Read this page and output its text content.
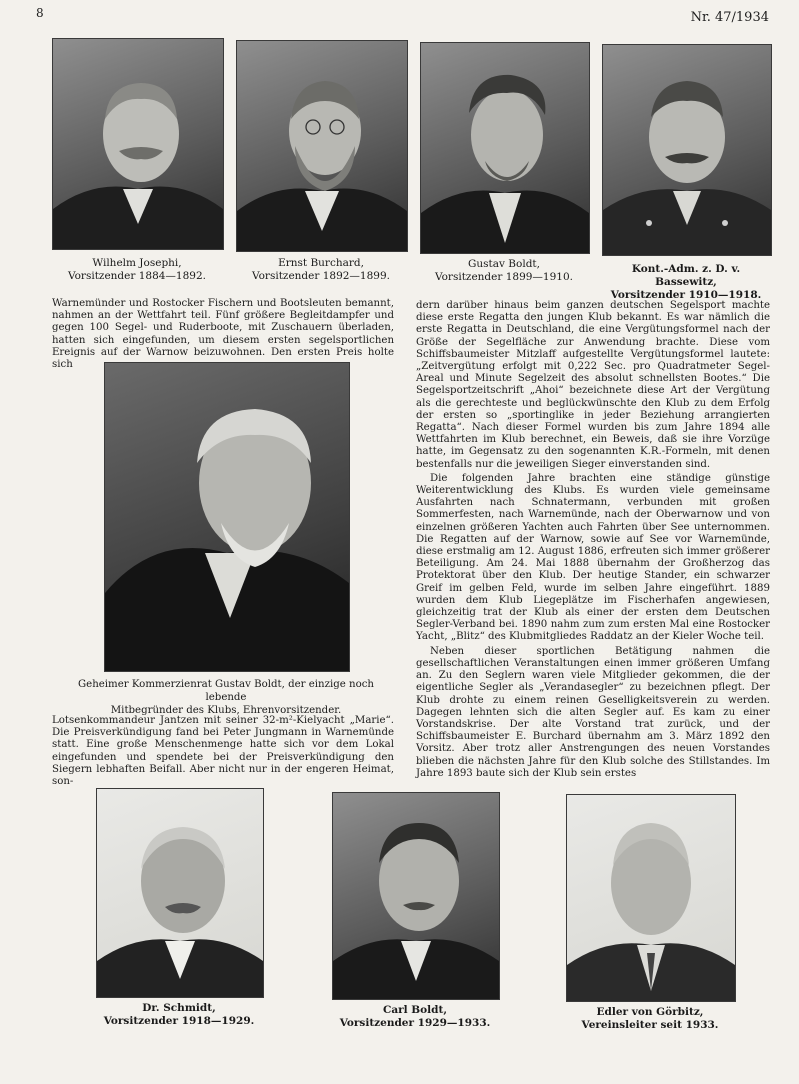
8	Nr. 47/1934
Wilhelm Josephi,
Vorsitzender 1884—1892.
Ernst Burchard,
Vorsitzender 1892—1899.
Gustav Boldt,
Vorsitzender 1899—1910.
Kont.-Adm. z. D. v. Bassewitz,
Vorsitzender 1910—1918.

Warnemünder und Rostocker Fischern und Bootsleuten bemannt, nahmen an der Wettfahrt teil. Fünf größere Begleitdampfer und gegen 100 Segel- und Ruderboote, mit Zuschauern überladen, hatten sich eingefunden, um diesem ersten segelsportlichen Ereignis auf der Warnow beizuwohnen. Den ersten Preis holte sich

Geheimer Kommerzienrat Gustav Boldt, der einzige noch lebende
Mitbegründer des Klubs, Ehrenvorsitzender.

Lotsenkommandeur Jantzen mit seiner 32-m²-Kielyacht „Marie“. Die Preisverkündigung fand bei Peter Jungmann in Warnemünde statt. Eine große Menschenmenge hatte sich vor dem Lokal eingefunden und spendete bei der Preisverkündigung den Siegern lebhaften Beifall. Aber nicht nur in der engeren Heimat, son-

dern darüber hinaus beim ganzen deutschen Segelsport machte diese erste Regatta den jungen Klub bekannt. Es war nämlich die erste Regatta in Deutschland, die eine Vergütungsformel nach der Größe der Segelfläche zur Anwendung brachte. Diese vom Schiffsbaumeister Mitzlaff aufgestellte Vergütungsformel lautete: „Zeitvergütung erfolgt mit 0,222 Sec. pro Quadratmeter Segel-Areal und Minute Segelzeit des absolut schnellsten Bootes.“ Die Segelsportzeitschrift „Ahoi“ bezeichnete diese Art der Vergütung als die gerechteste und beglückwünschte den Klub zu dem Erfolg der ersten so „sportinglike in jeder Beziehung arrangierten Regatta“. Nach dieser Formel wurden bis zum Jahre 1894 alle Wettfahrten im Klub berechnet, ein Beweis, daß sie ihre Vorzüge hatte, im Gegensatz zu den sogenannten K.R.-Formeln, mit denen bestenfalls nur die jeweiligen Sieger einverstanden sind.

Die folgenden Jahre brachten eine ständige günstige Weiterentwicklung des Klubs. Es wurden viele gemeinsame Ausfahrten nach Schnatermann, verbunden mit großen Sommerfesten, nach Warnemünde, nach der Oberwarnow und von einzelnen größeren Yachten auch Fahrten über See unternommen. Die Regatten auf der Warnow, sowie auf See vor Warnemünde, diese erstmalig am 12. August 1886, erfreuten sich immer größerer Beteiligung. Am 24. Mai 1888 übernahm der Großherzog das Protektorat über den Klub. Der heutige Stander, ein schwarzer Greif im gelben Feld, wurde im selben Jahre eingeführt. 1889 wurden dem Klub Liegeplätze im Fischerhafen angewiesen, gleichzeitig trat der Klub als einer der ersten dem Deutschen Segler-Verband bei. 1890 nahm zum zum ersten Mal eine Rostocker Yacht, „Blitz“ des Klubmitgliedes Raddatz an der Kieler Woche teil.

Neben dieser sportlichen Betätigung nahmen die gesellschaftlichen Veranstaltungen einen immer größeren Umfang an. Zu den Seglern waren viele Mitglieder gekommen, die der eigentliche Segler als „Verandasegler“ zu bezeichnen pflegt. Der Klub drohte zu einem reinen Geselligkeitsverein zu werden. Dagegen lehnten sich die alten Segler auf. Es kam zu einer Vorstandskrise. Der alte Vorstand trat zurück, und der Schiffsbaumeister E. Burchard übernahm am 3. März 1892 den Vorsitz. Aber trotz aller Anstrengungen des neuen Vorstandes blieben die nächsten Jahre für den Klub solche des Stillstandes. Im Jahre 1893 baute sich der Klub sein erstes

Dr. Schmidt,
Vorsitzender 1918—1929.
Carl Boldt,
Vorsitzender 1929—1933.
Edler von Görbitz,
Vereinsleiter seit 1933.
